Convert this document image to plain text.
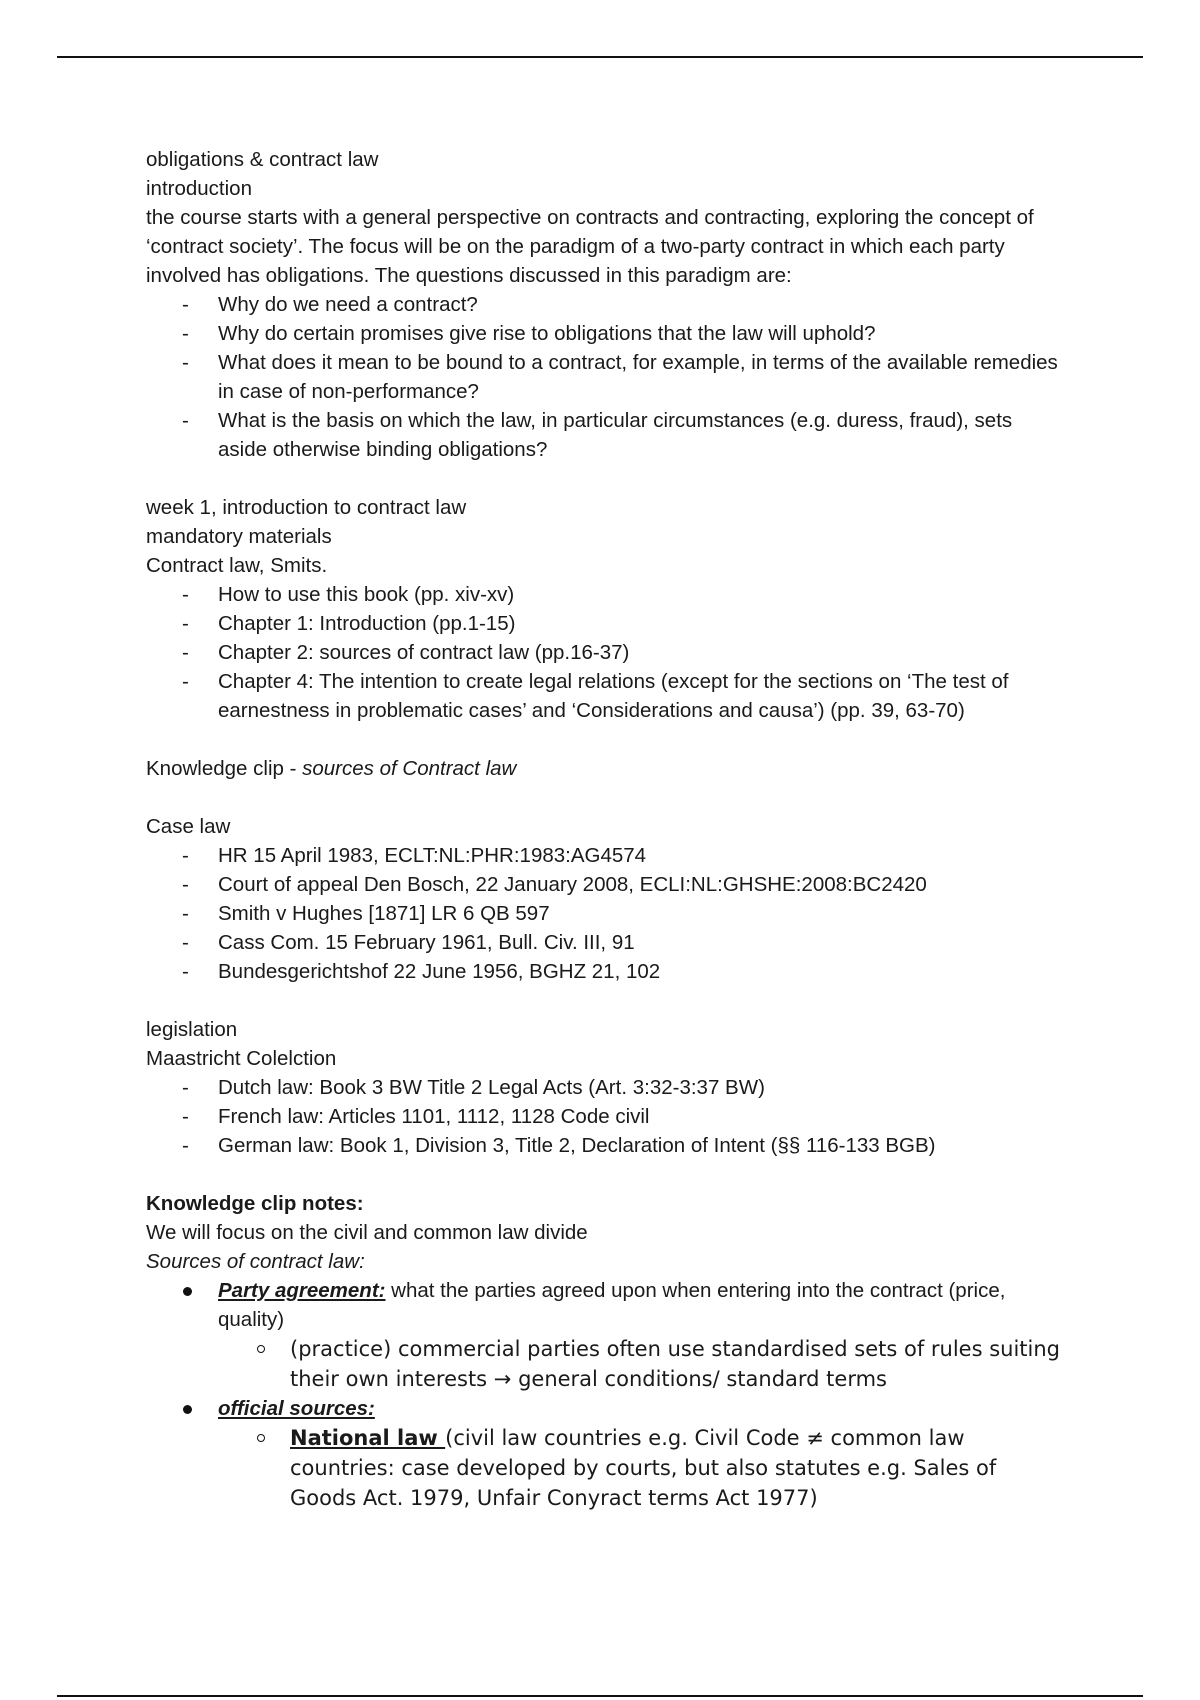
obligations & contract law

introduction

the course starts with a general perspective on contracts and contracting, exploring the concept of ‘contract society’. The focus will be on the paradigm of a two-party contract in which each party involved has obligations. The questions discussed in this paradigm are:

- Why do we need a contract?
- Why do certain promises give rise to obligations that the law will uphold?
- What does it mean to be bound to a contract, for example, in terms of the available remedies in case of non-performance?
- What is the basis on which the law, in particular circumstances (e.g. duress, fraud), sets aside otherwise binding obligations?

week 1, introduction to contract law

mandatory materials

Contract law, Smits.

- How to use this book (pp. xiv-xv)
- Chapter 1: Introduction (pp.1-15)
- Chapter 2: sources of contract law (pp.16-37)
- Chapter 4: The intention to create legal relations (except for the sections on ‘The test of earnestness in problematic cases’ and ‘Considerations and causa’) (pp. 39, 63-70)

Knowledge clip - sources of Contract law

Case law

- HR 15 April 1983, ECLT:NL:PHR:1983:AG4574
- Court of appeal Den Bosch, 22 January 2008, ECLI:NL:GHSHE:2008:BC2420
- Smith v Hughes [1871] LR 6 QB 597
- Cass Com. 15 February 1961, Bull. Civ. III, 91
- Bundesgerichtshof 22 June 1956, BGHZ 21, 102

legislation

Maastricht Colelction

- Dutch law: Book 3 BW Title 2 Legal Acts (Art. 3:32-3:37 BW)
- French law: Articles 1101, 1112, 1128 Code civil
- German law: Book 1, Division 3, Title 2, Declaration of Intent (§§ 116-133 BGB)

Knowledge clip notes:

We will focus on the civil and common law divide

Sources of contract law:

Party agreement: what the parties agreed upon when entering into the contract (price, quality)
(practice) commercial parties often use standardised sets of rules suiting their own interests → general conditions/ standard terms
official sources:
National law (civil law countries e.g. Civil Code ≠ common law countries: case developed by courts, but also statutes e.g. Sales of Goods Act. 1979, Unfair Conyract terms Act 1977)
